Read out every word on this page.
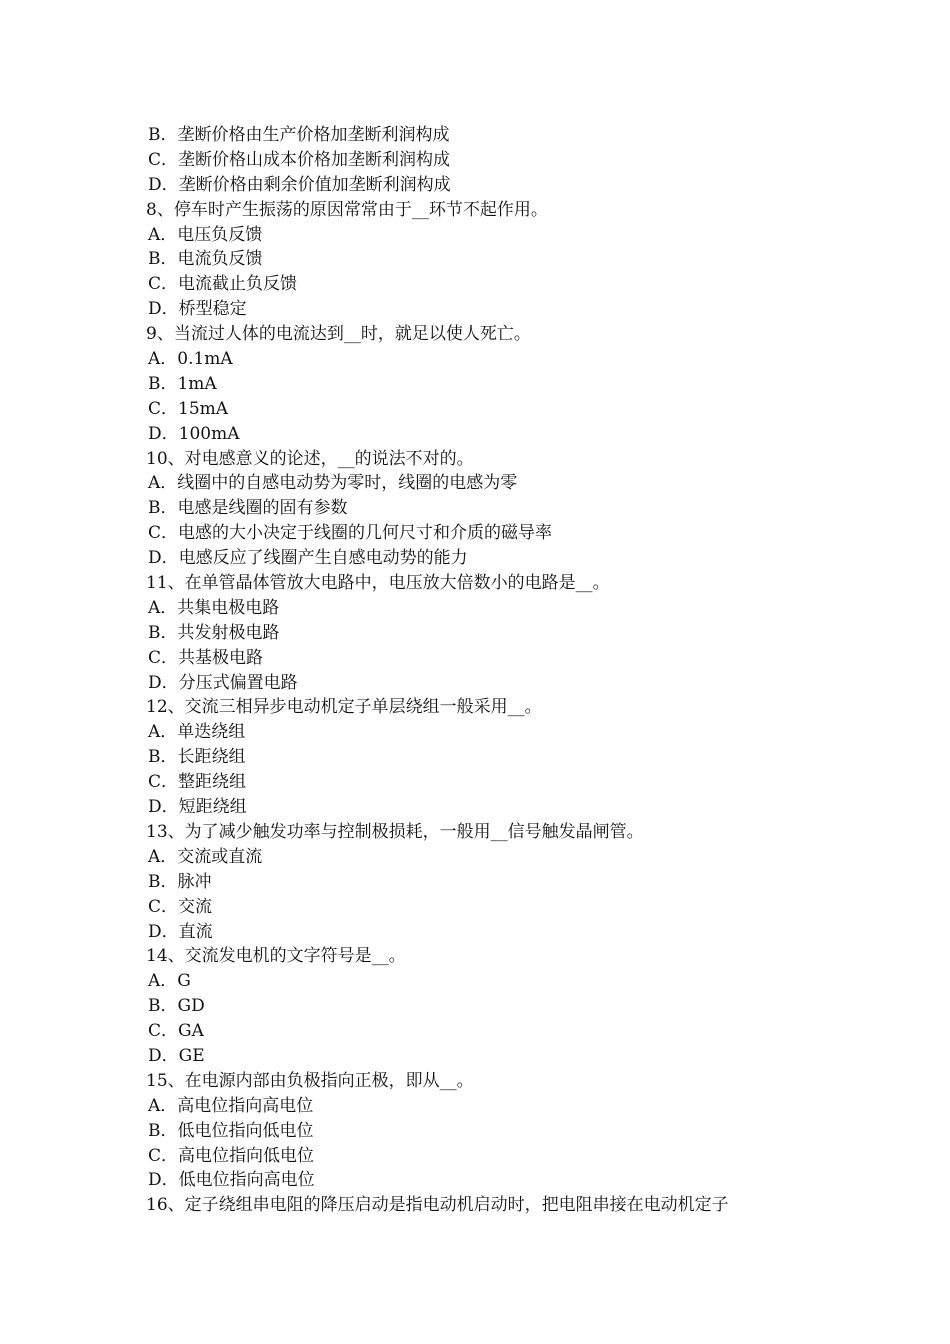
B．垄断价格由生产价格加垄断利润构成
C．垄断价格山成本价格加垄断利润构成
D．垄断价格由剩余价值加垄断利润构成
8、停车时产生振荡的原因常常由于__环节不起作用。
A．电压负反馈
B．电流负反馈
C．电流截止负反馈
D．桥型稳定
9、当流过人体的电流达到__时，就足以使人死亡。
A．0.1mA
B．1mA
C．15mA
D．100mA
10、对电感意义的论述，__的说法不对的。
A．线圈中的自感电动势为零时，线圈的电感为零
B．电感是线圈的固有参数
C．电感的大小决定于线圈的几何尺寸和介质的磁导率
D．电感反应了线圈产生自感电动势的能力
11、在单管晶体管放大电路中，电压放大倍数小的电路是__。
A．共集电极电路
B．共发射极电路
C．共基极电路
D．分压式偏置电路
12、交流三相异步电动机定子单层绕组一般采用__。
A．单迭绕组
B．长距绕组
C．整距绕组
D．短距绕组
13、为了减少触发功率与控制极损耗，一般用__信号触发晶闸管。
A．交流或直流
B．脉冲
C．交流
D．直流
14、交流发电机的文字符号是__。
A．G
B．GD
C．GA
D．GE
15、在电源内部由负极指向正极，即从__。
A．高电位指向高电位
B．低电位指向低电位
C．高电位指向低电位
D．低电位指向高电位
16、定子绕组串电阻的降压启动是指电动机启动时，把电阻串接在电动机定子
